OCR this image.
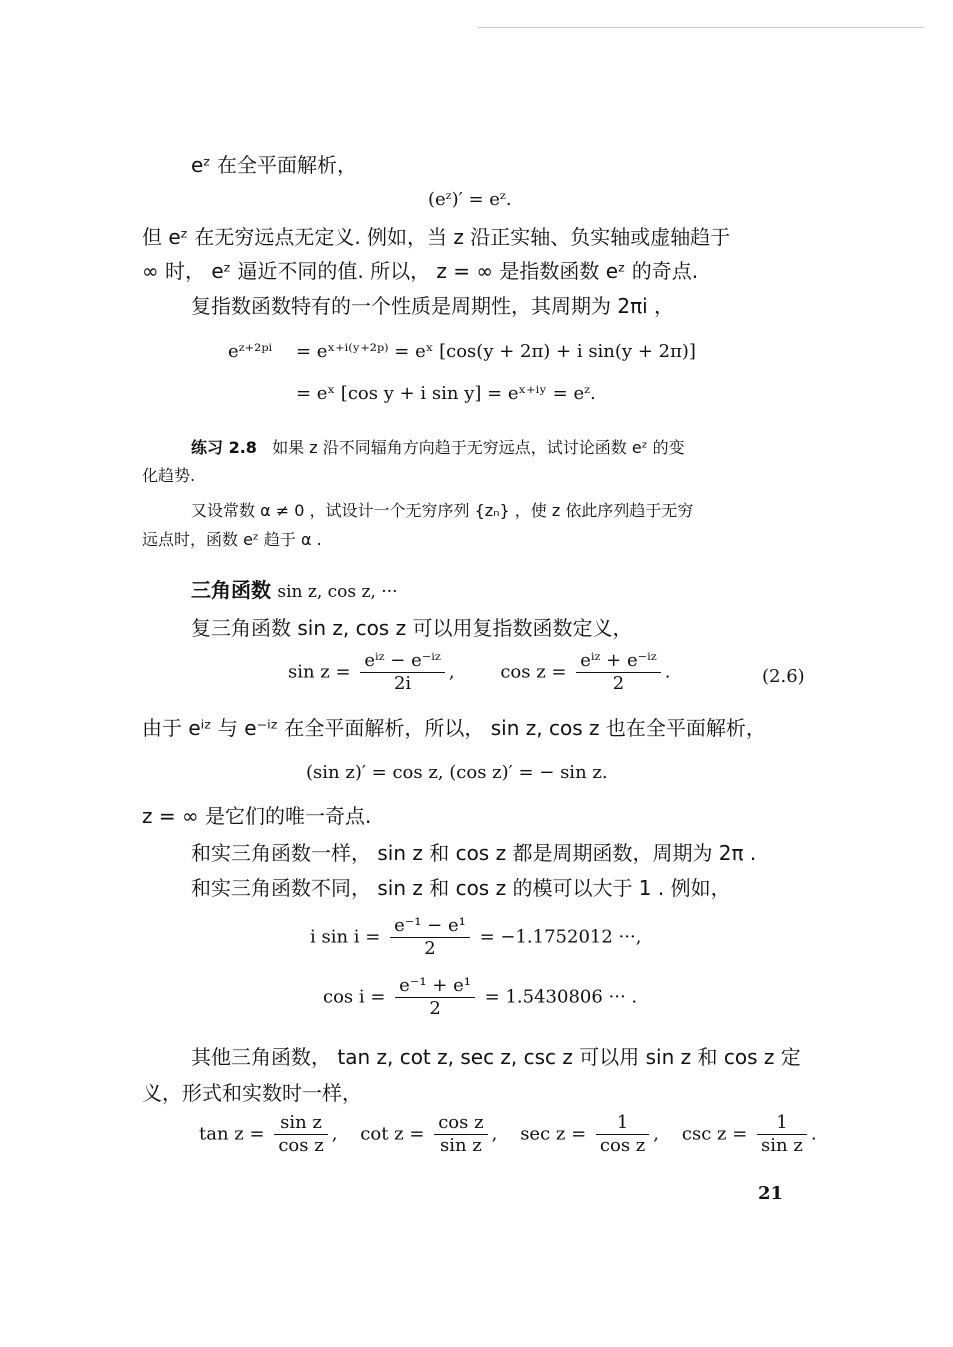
eᶻ 在全平面解析，
(eᶻ)′ = eᶻ.
但 eᶻ 在无穷远点无定义. 例如，当 z 沿正实轴、负实轴或虚轴趋于
∞ 时， eᶻ 逼近不同的值. 所以， z = ∞ 是指数函数 eᶻ 的奇点.
复指数函数特有的一个性质是周期性，其周期为 2πi ，
eᶻ⁺²ᵖⁱ = eˣ⁺ⁱ⁽ʸ⁺²ᵖ⁾ = eˣ [cos(y + 2π) + i sin(y + 2π)]
= eˣ [cos y + i sin y] = eˣ⁺ⁱʸ = eᶻ.
练习 2.8 如果 z 沿不同辐角方向趋于无穷远点，试讨论函数 eᶻ 的变
化趋势.
又设常数 α ≠ 0 ，试设计一个无穷序列 {zₙ} ，使 z 依此序列趋于无穷
远点时，函数 eᶻ 趋于 α .
三角函数 sin z, cos z, ···
复三角函数 sin z, cos z 可以用复指数函数定义，
$\sin z = \frac{\text{eⁱᶻ − e⁻ⁱᶻ}}{2i}$ ,        $\cos z = \frac{\text{eⁱᶻ + e⁻ⁱᶻ}}{2}$ .	(2.6)
由于 eⁱᶻ 与 e⁻ⁱᶻ 在全平面解析，所以， sin z, cos z 也在全平面解析，
(sin z)′ = cos z, (cos z)′ = − sin z.
z = ∞ 是它们的唯一奇点.
和实三角函数一样， sin z 和 cos z 都是周期函数，周期为 2π .
和实三角函数不同， sin z 和 cos z 的模可以大于 1 . 例如，
i $\sin i = \frac{\text{e⁻¹ − e¹}}{2} = -1.1752012$ ···,
$\cos i = \frac{\text{e⁻¹ + e¹}}{2} = 1.5430806$ ··· .
其他三角函数， tan z, cot z, sec z, csc z 可以用 sin z 和 cos z 定
义，形式和实数时一样，
$\tan z = \frac{\text{sin z}}{\text{cos z}}$ ,    $\cot z = \frac{\text{cos z}}{\text{sin z}}$ ,    $\sec z = \frac{1}{\text{cos z}}$ ,    $\csc z = \frac{1}{\text{sin z}}$ .
21
